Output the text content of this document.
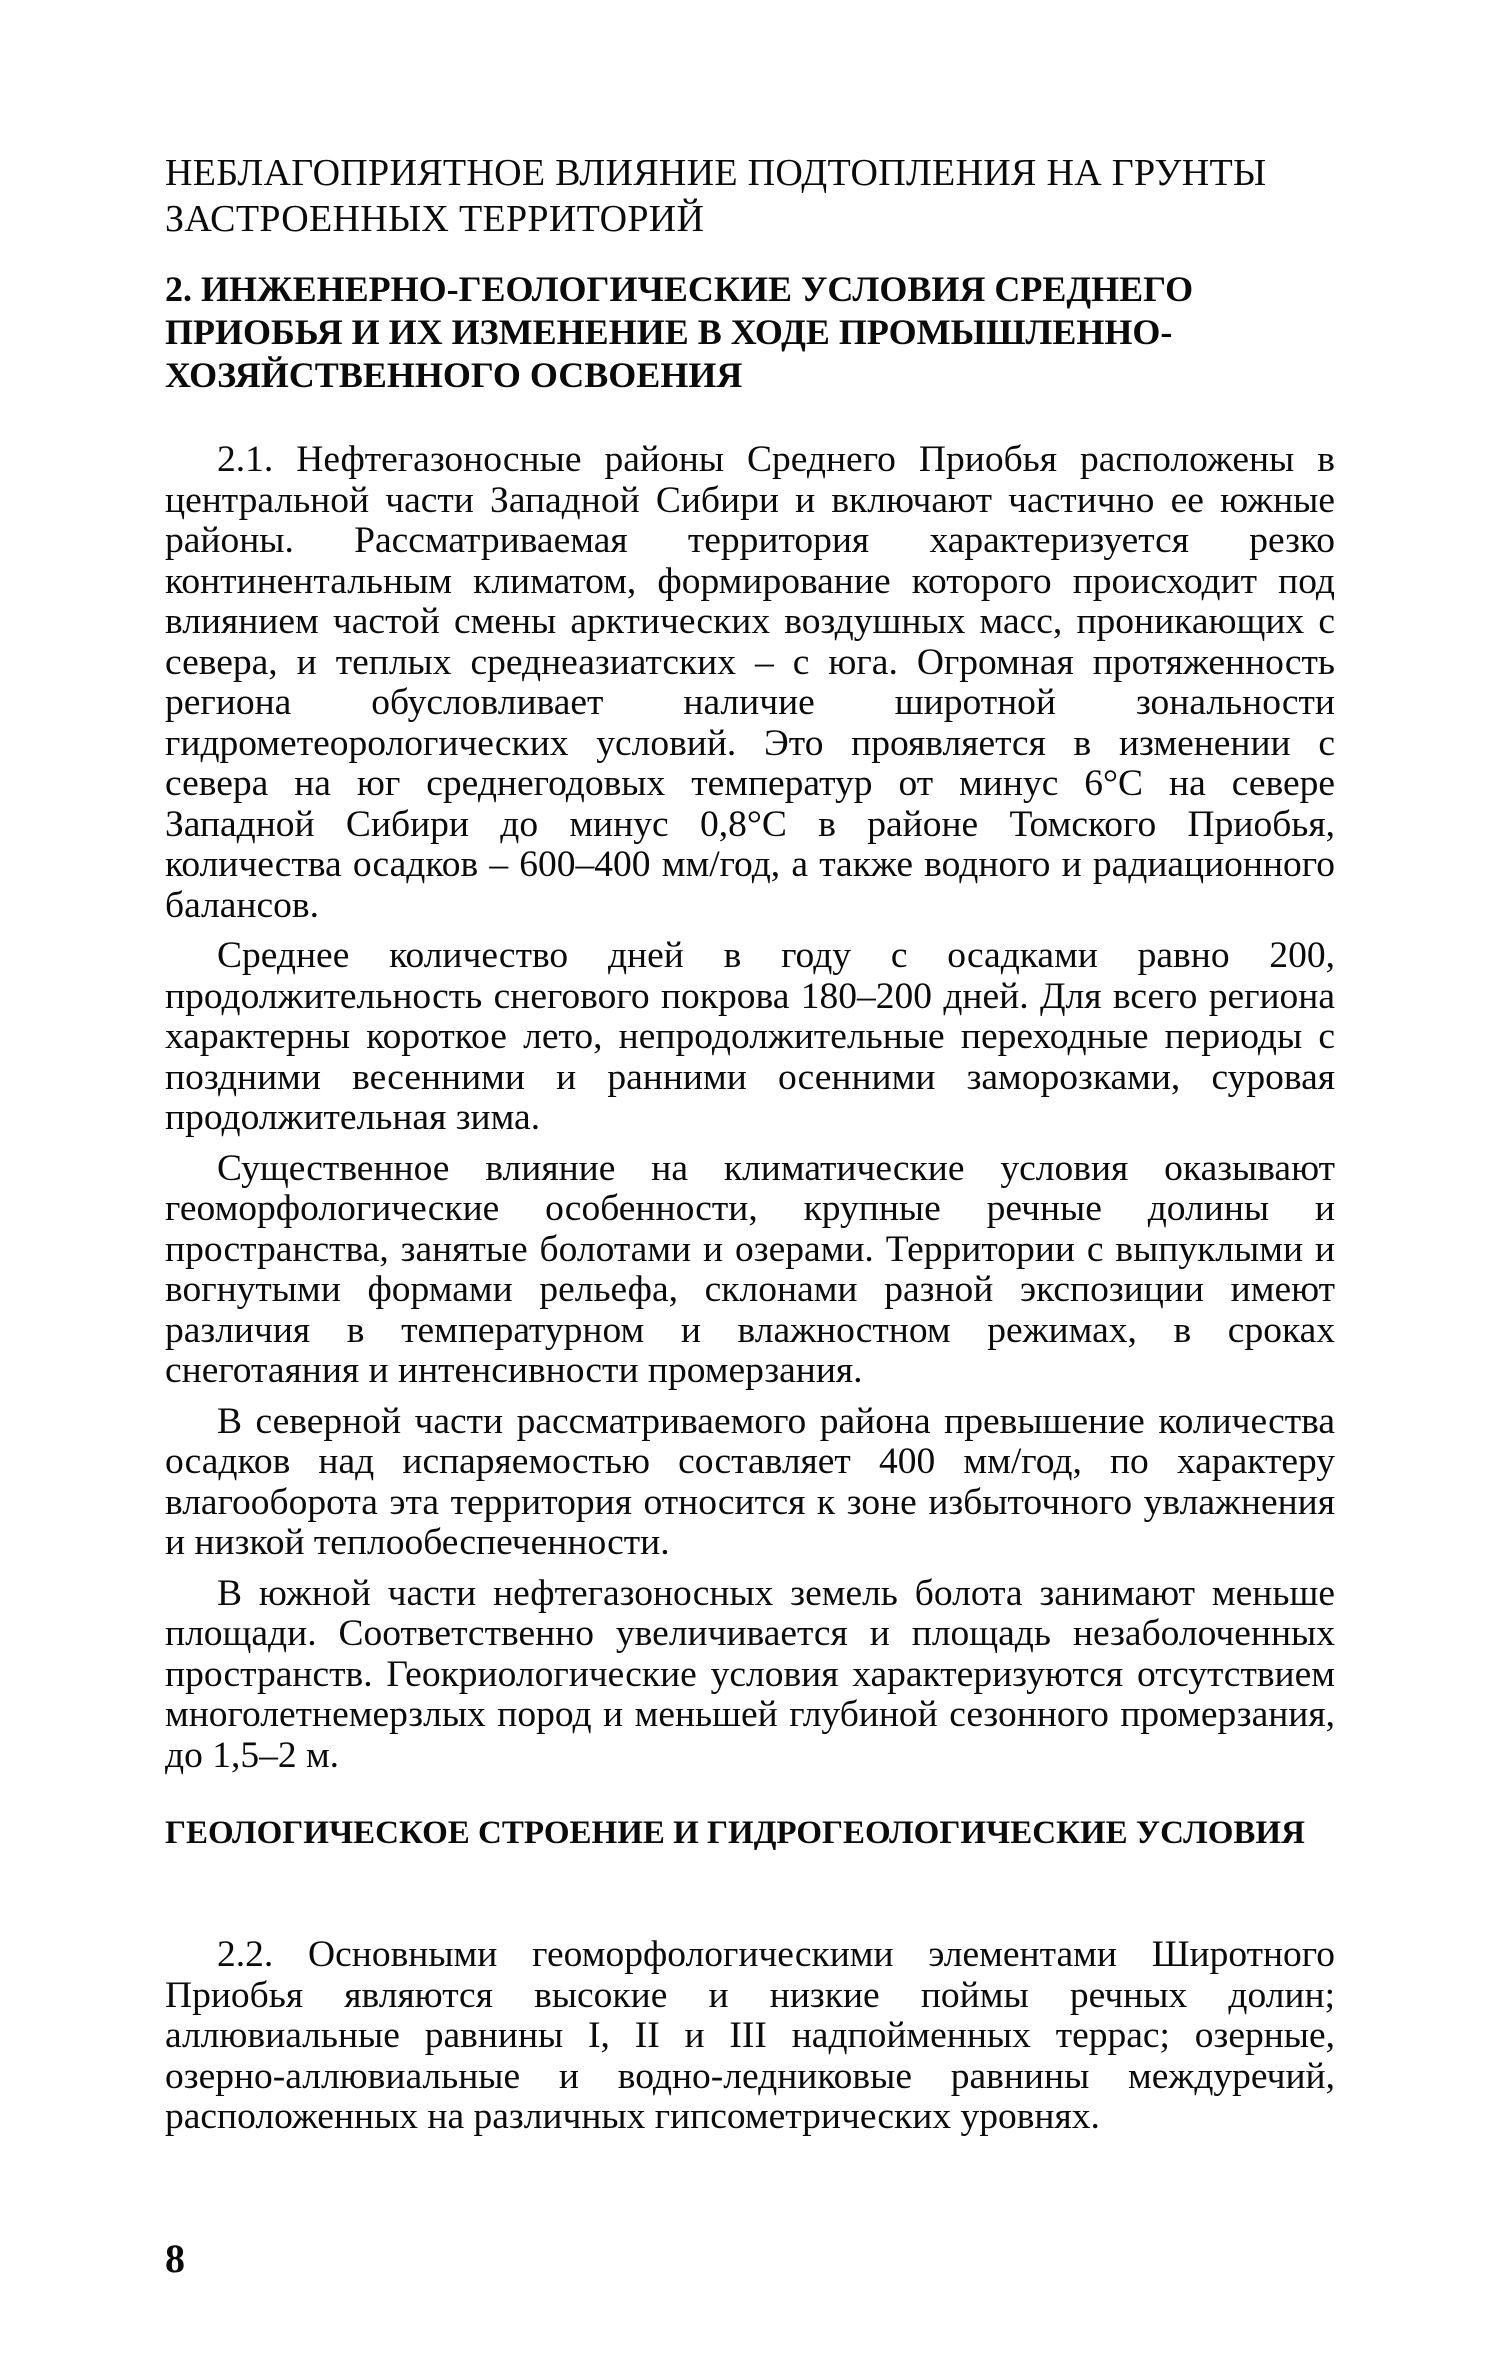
НЕБЛАГОПРИЯТНОЕ ВЛИЯНИЕ ПОДТОПЛЕНИЯ НА ГРУНТЫ ЗАСТРОЕННЫХ ТЕРРИТОРИЙ
2. ИНЖЕНЕРНО-ГЕОЛОГИЧЕСКИЕ УСЛОВИЯ СРЕДНЕГО ПРИОБЬЯ И ИХ ИЗМЕНЕНИЕ В ХОДЕ ПРОМЫШЛЕННО-ХОЗЯЙСТВЕННОГО ОСВОЕНИЯ

2.1. Нефтегазоносные районы Среднего Приобья расположены в центральной части Западной Сибири и включают частично ее южные районы. Рассматриваемая территория характеризуется резко континентальным климатом, формирование которого происходит под влиянием частой смены арктических воздушных масс, проникающих с севера, и теплых среднеазиатских – с юга. Огромная протяженность региона обусловливает наличие широтной зональности гидрометеорологических условий. Это проявляется в изменении с севера на юг среднегодовых температур от минус 6°С на севере Западной Сибири до минус 0,8°С в районе Томского Приобья, количества осадков – 600–400 мм/год, а также водного и радиационного балансов.

Среднее количество дней в году с осадками равно 200, продолжительность снегового покрова 180–200 дней. Для всего региона характерны короткое лето, непродолжительные переходные периоды с поздними весенними и ранними осенними заморозками, суровая продолжительная зима.

Существенное влияние на климатические условия оказывают геоморфологические особенности, крупные речные долины и пространства, занятые болотами и озерами. Территории с выпуклыми и вогнутыми формами рельефа, склонами разной экспозиции имеют различия в температурном и влажностном режимах, в сроках снеготаяния и интенсивности промерзания.

В северной части рассматриваемого района превышение количества осадков над испаряемостью составляет 400 мм/год, по характеру влагооборота эта территория относится к зоне избыточного увлажнения и низкой теплообеспеченности.

В южной части нефтегазоносных земель болота занимают меньше площади. Соответственно увеличивается и площадь незаболоченных пространств. Геокриологические условия характеризуются отсутствием многолетнемерзлых пород и меньшей глубиной сезонного промерзания, до 1,5–2 м.

ГЕОЛОГИЧЕСКОЕ СТРОЕНИЕ И ГИДРОГЕОЛОГИЧЕСКИЕ УСЛОВИЯ

2.2. Основными геоморфологическими элементами Широтного Приобья являются высокие и низкие поймы речных долин; аллювиальные равнины I, II и III надпойменных террас; озерные, озерно-аллювиальные и водно-ледниковые равнины междуречий, расположенных на различных гипсометрических уровнях.

8
